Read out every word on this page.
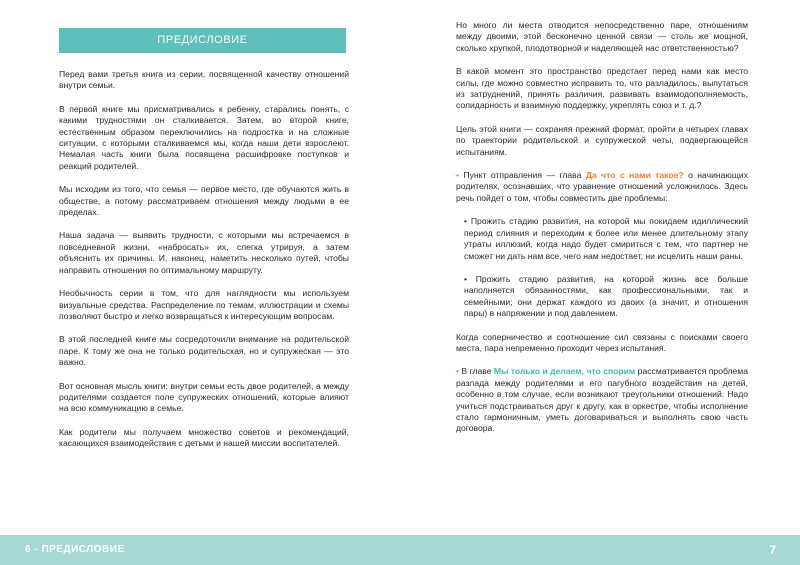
ПРЕДИСЛОВИЕ

Перед вами третья книга из серии, посвященной качеству отношений внутри семьи.

В первой книге мы присматривались к ребенку, старались понять, с какими трудностями он сталкивается. Затем, во второй книге, естественным образом переключились на подростка и на сложные ситуации, с которыми сталкиваемся мы, когда наши дети взрослеют. Немалая часть книги была посвящена расшифровке поступков и реакций родителей.

Мы исходим из того, что семья — первое место, где обучаются жить в обществе, а потому рассматриваем отношения между людьми в ее пределах.

Наша задача — выявить трудности, с которыми мы встречаемся в повседневной жизни, «набросать» их, слегка утрируя, а затем объяснить их причины. И, наконец, наметить несколько путей, чтобы направить отношения по оптимальному маршруту.

Необычность серии в том, что для наглядности мы используем визуальные средства. Распределение по темам, иллюстрации и схемы позволяют быстро и легко возвращаться к интересующим вопросам.

В этой последней книге мы сосредоточили внимание на родительской паре. К тому же она не только родительская, но и супружеская — это важно.

Вот основная мысль книги: внутри семьи есть двое родителей, а между родителями создается поле супружеских отношений, которые влияют на всю коммуникацию в семье.

Как родители мы получаем множество советов и рекомендаций, касающихся взаимодействия с детьми и нашей миссии воспитателей.

Но много ли места отводится непосредственно паре, отношениям между двоими, этой бесконечно ценной связи — столь же мощной, сколько хрупкой, плодотворной и наделяющей нас ответственностью?

В какой момент это пространство предстает перед нами как место силы, где можно совместно исправить то, что разладилось, выпутаться из затруднений, принять различия, развивать взаимодополняемость, солидарность и взаимную поддержку, укреплять союз и т. д.?

Цель этой книги — сохраняя прежний формат, пройти в четырех главах по траектории родительской и супружеской четы, подвергающейся испытаниям.

• Пункт отправления — глава Да что с нами такое? о начинающих родителях, осознавших, что уравнение отношений усложнилось. Здесь речь пойдет о том, чтобы совместить две проблемы:

• Прожить стадию развития, на которой мы покидаем идиллический период слияния и переходим к более или менее длительному этапу утраты иллюзий, когда надо будет смириться с тем, что партнер не сможет ни дать нам все, чего нам недостает, ни исцелить наши раны.

• Прожить стадию развития, на которой жизнь все больше наполняется обязанностями, как профессиональными, так и семейными; они держат каждого из двоих (а значит, и отношения пары) в напряжении и под давлением.

Когда соперничество и соотношение сил связаны с поисками своего места, пара непременно проходит через испытания.

• В главе Мы только и делаем, что спорим рассматривается проблема разлада между родителями и его пагубного воздействия на детей, особенно в том случае, если возникают треугольники отношений. Надо учиться подстраиваться друг к другу, как в оркестре, чтобы исполнение стало гармоничным, уметь договариваться и выполнять свою часть договора.

6 - ПРЕДИСЛОВИЕ	7
